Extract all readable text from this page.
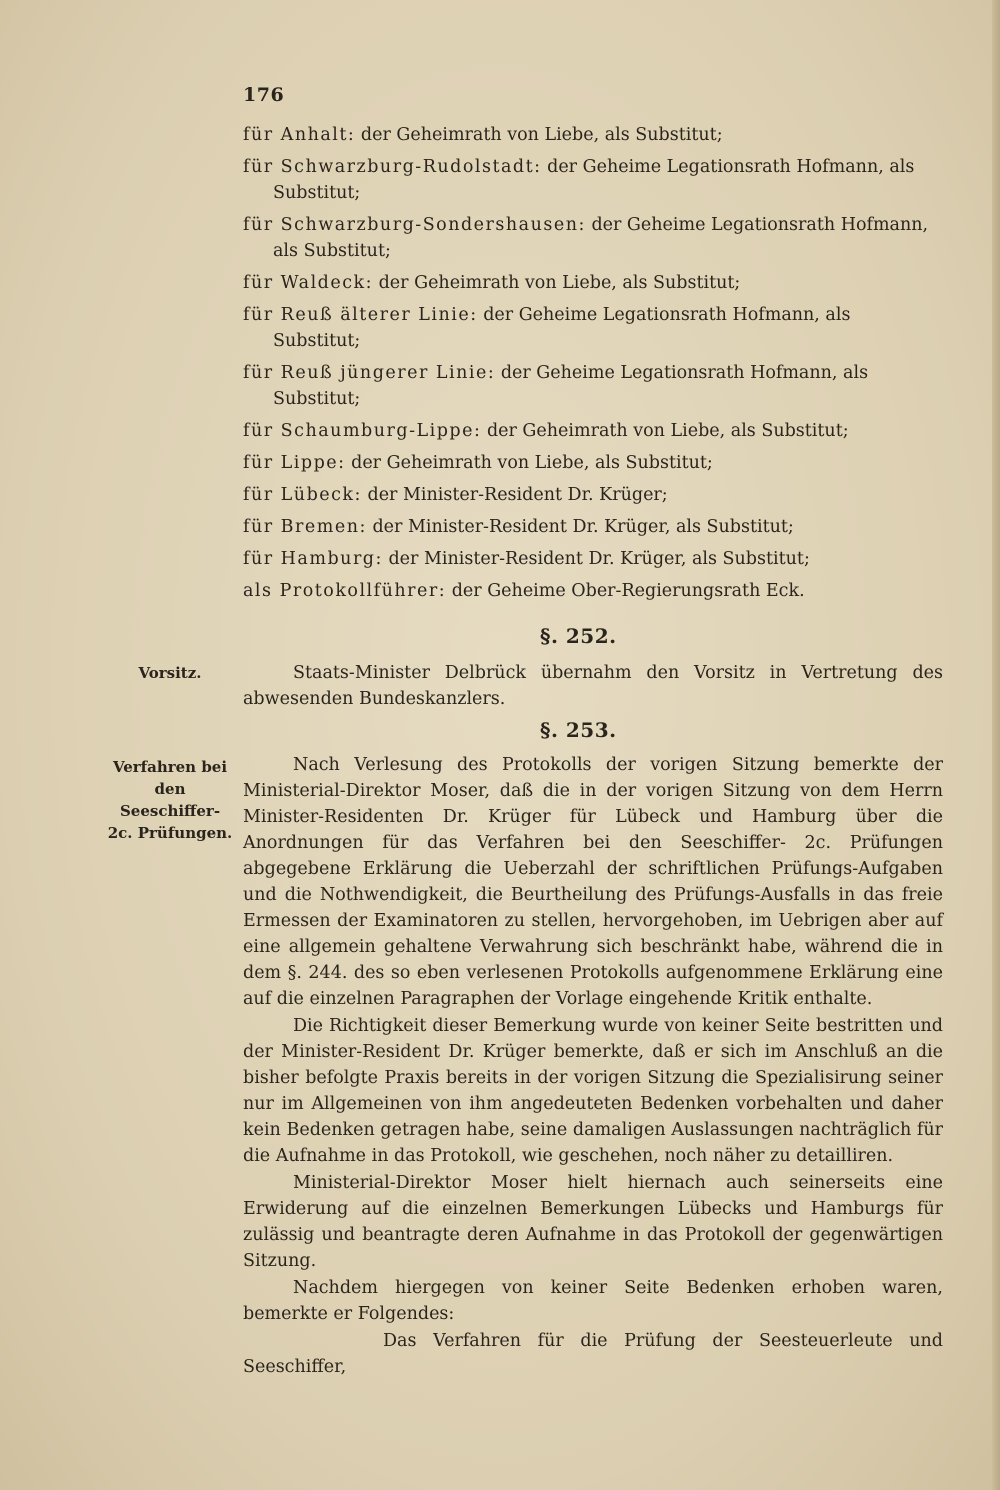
176
für Anhalt: der Geheimrath von Liebe, als Substitut;
für Schwarzburg-Rudolstadt: der Geheime Legationsrath Hofmann, als Substitut;
für Schwarzburg-Sondershausen: der Geheime Legationsrath Hofmann, als Substitut;
für Waldeck: der Geheimrath von Liebe, als Substitut;
für Reuß älterer Linie: der Geheime Legationsrath Hofmann, als Substitut;
für Reuß jüngerer Linie: der Geheime Legationsrath Hofmann, als Substitut;
für Schaumburg-Lippe: der Geheimrath von Liebe, als Substitut;
für Lippe: der Geheimrath von Liebe, als Substitut;
für Lübeck: der Minister-Resident Dr. Krüger;
für Bremen: der Minister-Resident Dr. Krüger, als Substitut;
für Hamburg: der Minister-Resident Dr. Krüger, als Substitut;
als Protokollführer: der Geheime Ober-Regierungsrath Eck.
§. 252.
Vorsitz.	Staats-Minister Delbrück übernahm den Vorsitz in Vertretung des abwesenden Bundeskanzlers.

§. 253.
Verfahren bei den Seeschiffer- 2c. Prüfungen.

Nach Verlesung des Protokolls der vorigen Sitzung bemerkte der Ministerial-Direktor Moser, daß die in der vorigen Sitzung von dem Herrn Minister-Residenten Dr. Krüger für Lübeck und Hamburg über die Anordnungen für das Verfahren bei den Seeschiffer- 2c. Prüfungen abgegebene Erklärung die Ueberzahl der schriftlichen Prüfungs-Aufgaben und die Nothwendigkeit, die Beurtheilung des Prüfungs-Ausfalls in das freie Ermessen der Examinatoren zu stellen, hervorgehoben, im Uebrigen aber auf eine allgemein gehaltene Verwahrung sich beschränkt habe, während die in dem §. 244. des so eben verlesenen Protokolls aufgenommene Erklärung eine auf die einzelnen Paragraphen der Vorlage eingehende Kritik enthalte.

Die Richtigkeit dieser Bemerkung wurde von keiner Seite bestritten und der Minister-Resident Dr. Krüger bemerkte, daß er sich im Anschluß an die bisher befolgte Praxis bereits in der vorigen Sitzung die Spezialisirung seiner nur im Allgemeinen von ihm angedeuteten Bedenken vorbehalten und daher kein Bedenken getragen habe, seine damaligen Auslassungen nachträglich für die Aufnahme in das Protokoll, wie geschehen, noch näher zu detailliren.

Ministerial-Direktor Moser hielt hiernach auch seinerseits eine Erwiderung auf die einzelnen Bemerkungen Lübecks und Hamburgs für zulässig und beantragte deren Aufnahme in das Protokoll der gegenwärtigen Sitzung.

Nachdem hiergegen von keiner Seite Bedenken erhoben waren, bemerkte er Folgendes:

Das Verfahren für die Prüfung der Seesteuerleute und Seeschiffer,
